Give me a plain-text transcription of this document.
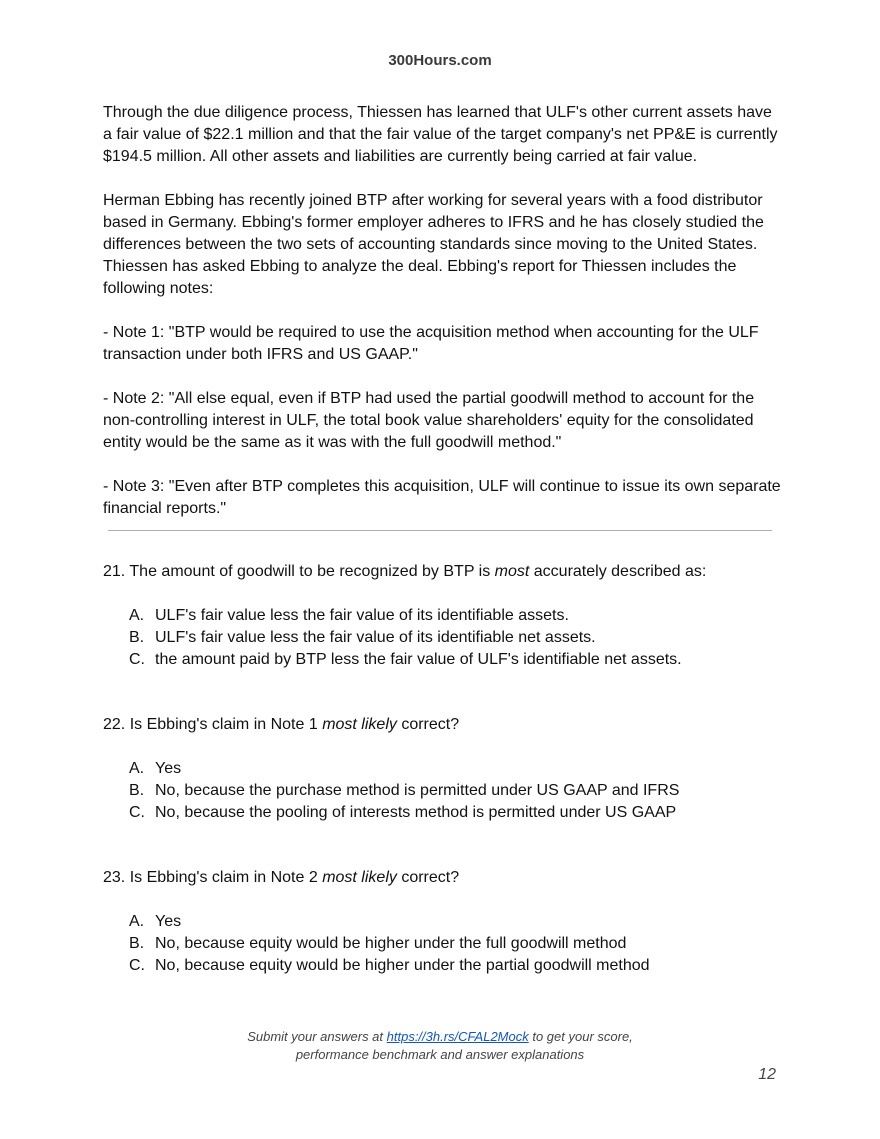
300Hours.com

Through the due diligence process, Thiessen has learned that ULF's other current assets have a fair value of $22.1 million and that the fair value of the target company's net PP&E is currently $194.5 million. All other assets and liabilities are currently being carried at fair value.

Herman Ebbing has recently joined BTP after working for several years with a food distributor based in Germany. Ebbing's former employer adheres to IFRS and he has closely studied the differences between the two sets of accounting standards since moving to the United States. Thiessen has asked Ebbing to analyze the deal. Ebbing's report for Thiessen includes the following notes:

- Note 1: "BTP would be required to use the acquisition method when accounting for the ULF transaction under both IFRS and US GAAP."

- Note 2: "All else equal, even if BTP had used the partial goodwill method to account for the non-controlling interest in ULF, the total book value shareholders' equity for the consolidated entity would be the same as it was with the full goodwill method."

- Note 3: "Even after BTP completes this acquisition, ULF will continue to issue its own separate financial reports."

21. The amount of goodwill to be recognized by BTP is most accurately described as:

A. ULF's fair value less the fair value of its identifiable assets.
B. ULF's fair value less the fair value of its identifiable net assets.
C. the amount paid by BTP less the fair value of ULF's identifiable net assets.

22. Is Ebbing's claim in Note 1 most likely correct?

A. Yes
B. No, because the purchase method is permitted under US GAAP and IFRS
C. No, because the pooling of interests method is permitted under US GAAP

23. Is Ebbing's claim in Note 2 most likely correct?

A. Yes
B. No, because equity would be higher under the full goodwill method
C. No, because equity would be higher under the partial goodwill method
Submit your answers at https://3h.rs/CFAL2Mock to get your score,
performance benchmark and answer explanations
12
